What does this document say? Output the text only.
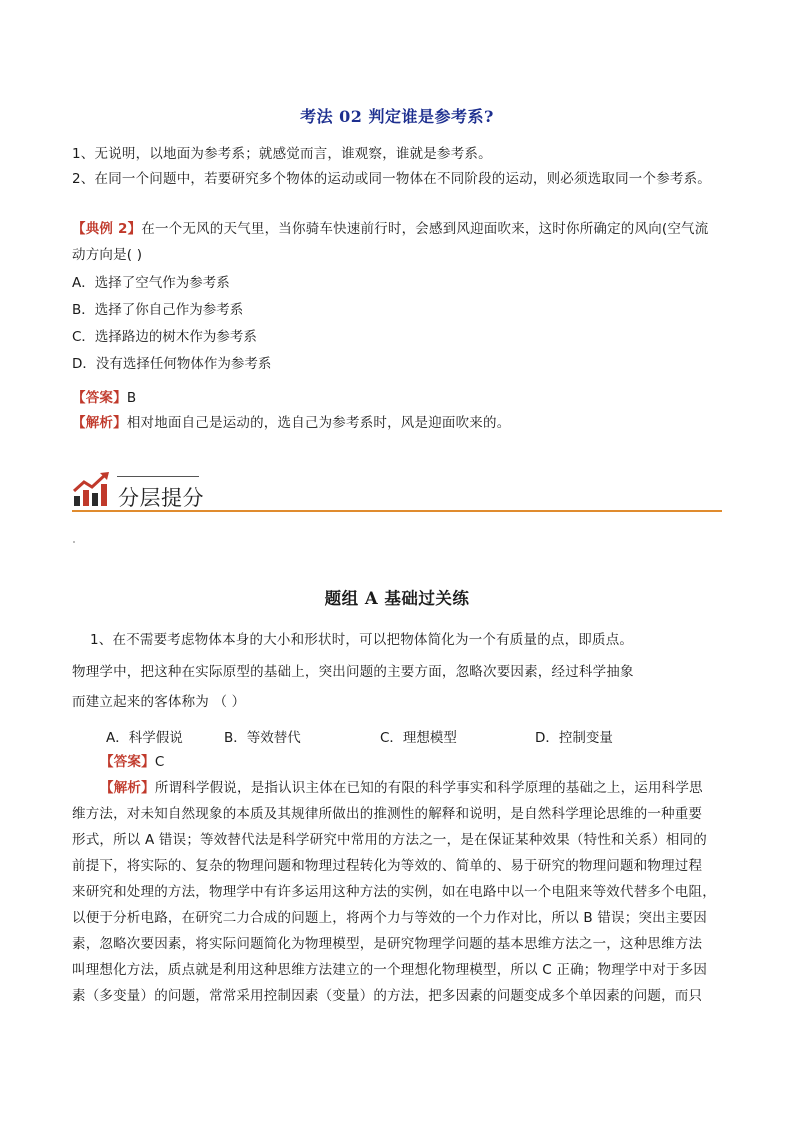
考法 02 判定谁是参考系?
1、无说明，以地面为参考系；就感觉而言，谁观察，谁就是参考系。
2、在同一个问题中，若要研究多个物体的运动或同一物体在不同阶段的运动，则必须选取同一个参考系。
【典例 2】在一个无风的天气里，当你骑车快速前行时，会感到风迎面吹来，这时你所确定的风向(空气流
动方向是( )
A．选择了空气作为参考系
B．选择了你自己作为参考系
C．选择路边的树木作为参考系
D．没有选择任何物体作为参考系
【答案】B
【解析】相对地面自己是运动的，选自己为参考系时，风是迎面吹来的。
分层提分
题组 A 基础过关练
1、在不需要考虑物体本身的大小和形状时，可以把物体简化为一个有质量的点，即质点。
物理学中，把这种在实际原型的基础上，突出问题的主要方面，忽略次要因素，经过科学抽象
而建立起来的客体称为 （ ）
A．科学假说	B．等效替代	C．理想模型	D．控制变量
【答案】C
【解析】所谓科学假说，是指认识主体在已知的有限的科学事实和科学原理的基础之上，运用科学思
维方法，对未知自然现象的本质及其规律所做出的推测性的解释和说明，是自然科学理论思维的一种重要
形式，所以 A 错误；等效替代法是科学研究中常用的方法之一，是在保证某种效果（特性和关系）相同的
前提下，将实际的、复杂的物理问题和物理过程转化为等效的、简单的、易于研究的物理问题和物理过程
来研究和处理的方法，物理学中有许多运用这种方法的实例，如在电路中以一个电阻来等效代替多个电阻，
以便于分析电路，在研究二力合成的问题上，将两个力与等效的一个力作对比，所以 B 错误；突出主要因
素，忽略次要因素，将实际问题简化为物理模型，是研究物理学问题的基本思维方法之一，这种思维方法
叫理想化方法，质点就是利用这种思维方法建立的一个理想化物理模型，所以 C 正确；物理学中对于多因
素（多变量）的问题，常常采用控制因素（变量）的方法，把多因素的问题变成多个单因素的问题，而只
